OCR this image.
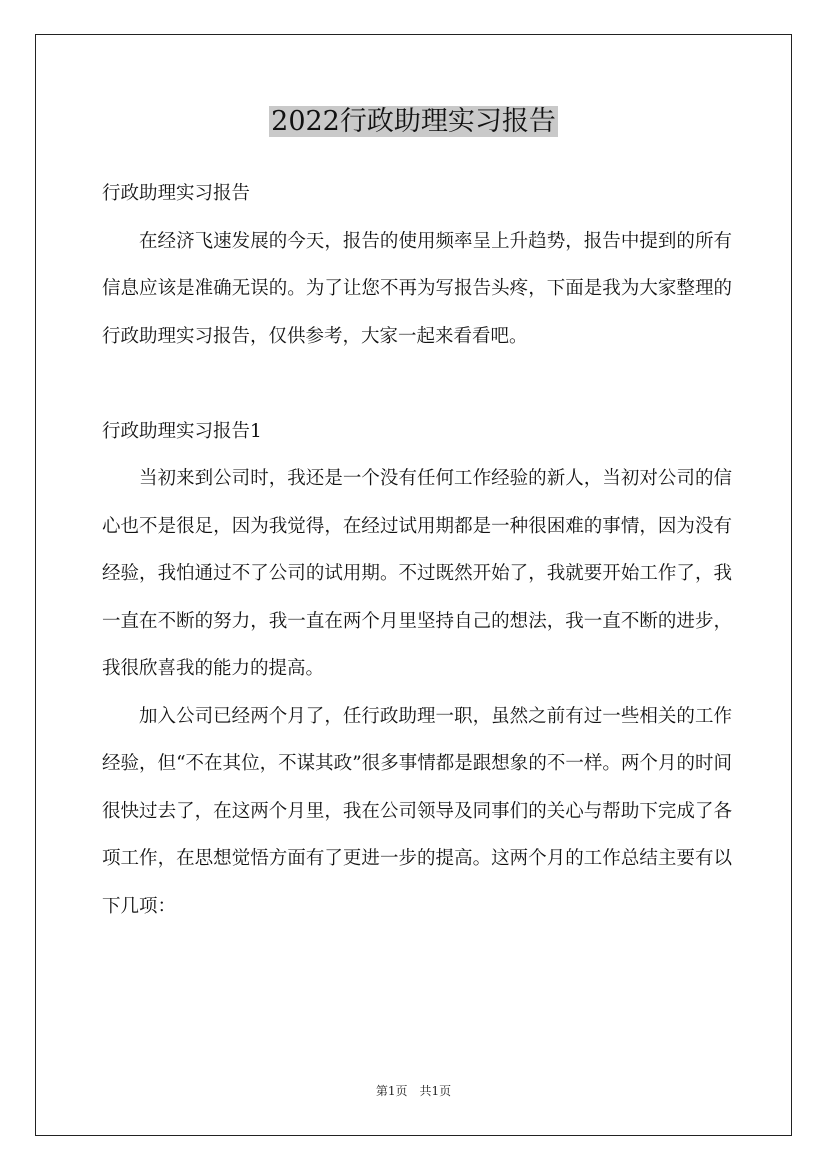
2022行政助理实习报告

行政助理实习报告

在经济飞速发展的今天，报告的使用频率呈上升趋势，报告中提到的所有信息应该是准确无误的。为了让您不再为写报告头疼，下面是我为大家整理的行政助理实习报告，仅供参考，大家一起来看看吧。

行政助理实习报告1

当初来到公司时，我还是一个没有任何工作经验的新人，当初对公司的信心也不是很足，因为我觉得，在经过试用期都是一种很困难的事情，因为没有经验，我怕通过不了公司的试用期。不过既然开始了，我就要开始工作了，我一直在不断的努力，我一直在两个月里坚持自己的想法，我一直不断的进步，我很欣喜我的能力的提高。

加入公司已经两个月了，任行政助理一职，虽然之前有过一些相关的工作经验，但“不在其位，不谋其政”很多事情都是跟想象的不一样。两个月的时间很快过去了，在这两个月里，我在公司领导及同事们的关心与帮助下完成了各项工作，在思想觉悟方面有了更进一步的提高。这两个月的工作总结主要有以下几项：

第1页　共1页
